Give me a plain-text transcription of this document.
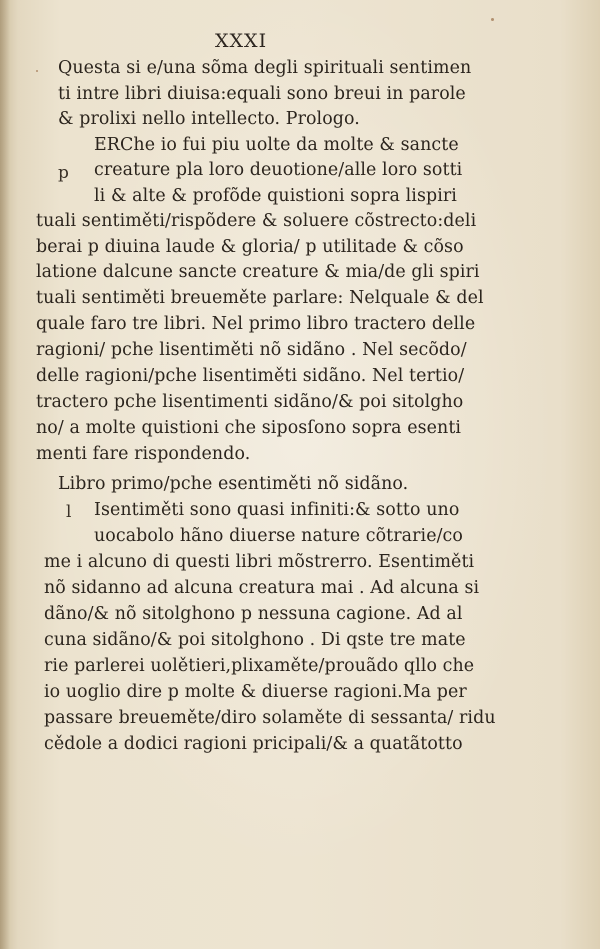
XXXI
Questa si e/una sõma degli spirituali sentimen
ti intre libri diuisa:equali sono breui in parole
& prolixi nello intellecto. Prologo.
ERChe io fui piu uolte da molte & sancte
p creature pla loro deuotione/alle loro sotti
li & alte & profõde quistioni sopra lispiri
tuali sentiměti/rispõdere & soluere cõstrecto:deli
berai p diuina laude & gloria/ p utilitade & cõso
latione dalcune sancte creature & mia/de gli spiri
tuali sentiměti breueměte parlare: Nelquale & del
quale faro tre libri. Nel primo libro tractero delle
ragioni/ pche lisentiměti nõ sidãno . Nel secõdo/
delle ragioni/pche lisentiměti sidãno. Nel tertio/
tractero pche lisentimenti sidãno/& poi sitolgho
no/ a molte quistioni che siposſono sopra esenti
menti fare rispondendo.
Libro primo/pche esentiměti nõ sidãno.
l Isentiměti sono quasi infiniti:& sotto uno
uocabolo hãno diuerse nature cõtrarie/co
me i alcuno di questi libri mõstrerro. Esentiměti
nõ sidanno ad alcuna creatura mai . Ad alcuna si
dãno/& nõ sitolghono p nessuna cagione. Ad al
cuna sidãno/& poi sitolghono . Di qste tre mate
rie parlerei uolětieri,plixaměte/prouãdo qllo che
io uoglio dire p molte & diuerse ragioni.Ma per
passare breueměte/diro solaměte di sessanta/ ridu
cědole a dodici ragioni pricipali/& a quatãtotto
